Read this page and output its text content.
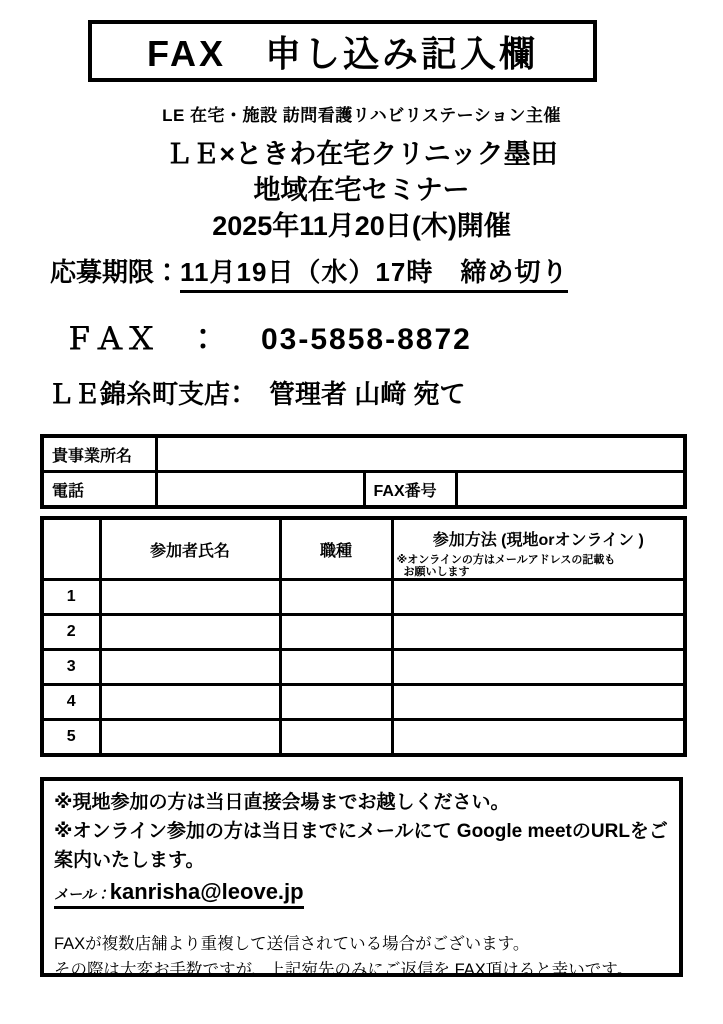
FAX　申し込み記入欄
LE 在宅・施設 訪問看護リハビリステーション主催
ＬＥ×ときわ在宅クリニック墨田
地域在宅セミナー
2025年11月20日(木)開催
応募期限：11月19日（水）17時　締め切り
ＦＡＸ　： 03-5858-8872
ＬＥ錦糸町支店：　管理者 山﨑 宛て
貴事業所名			
電話		FAX番号	
	参加者氏名	職種	参加方法 (現地orオンライン )
※オンラインの方はメールアドレスの記載も
お願いします

1			
2			
3			
4			
5			
※現地参加の方は当日直接会場までお越しください。
※オンライン参加の方は当日までにメールにて Google meetのURLをご案内いたします。
メール：kanrisha@leove.jp
FAXが複数店舗より重複して送信されている場合がございます。
その際は大変お手数ですが、上記宛先のみにご返信を FAX頂けると幸いです。
